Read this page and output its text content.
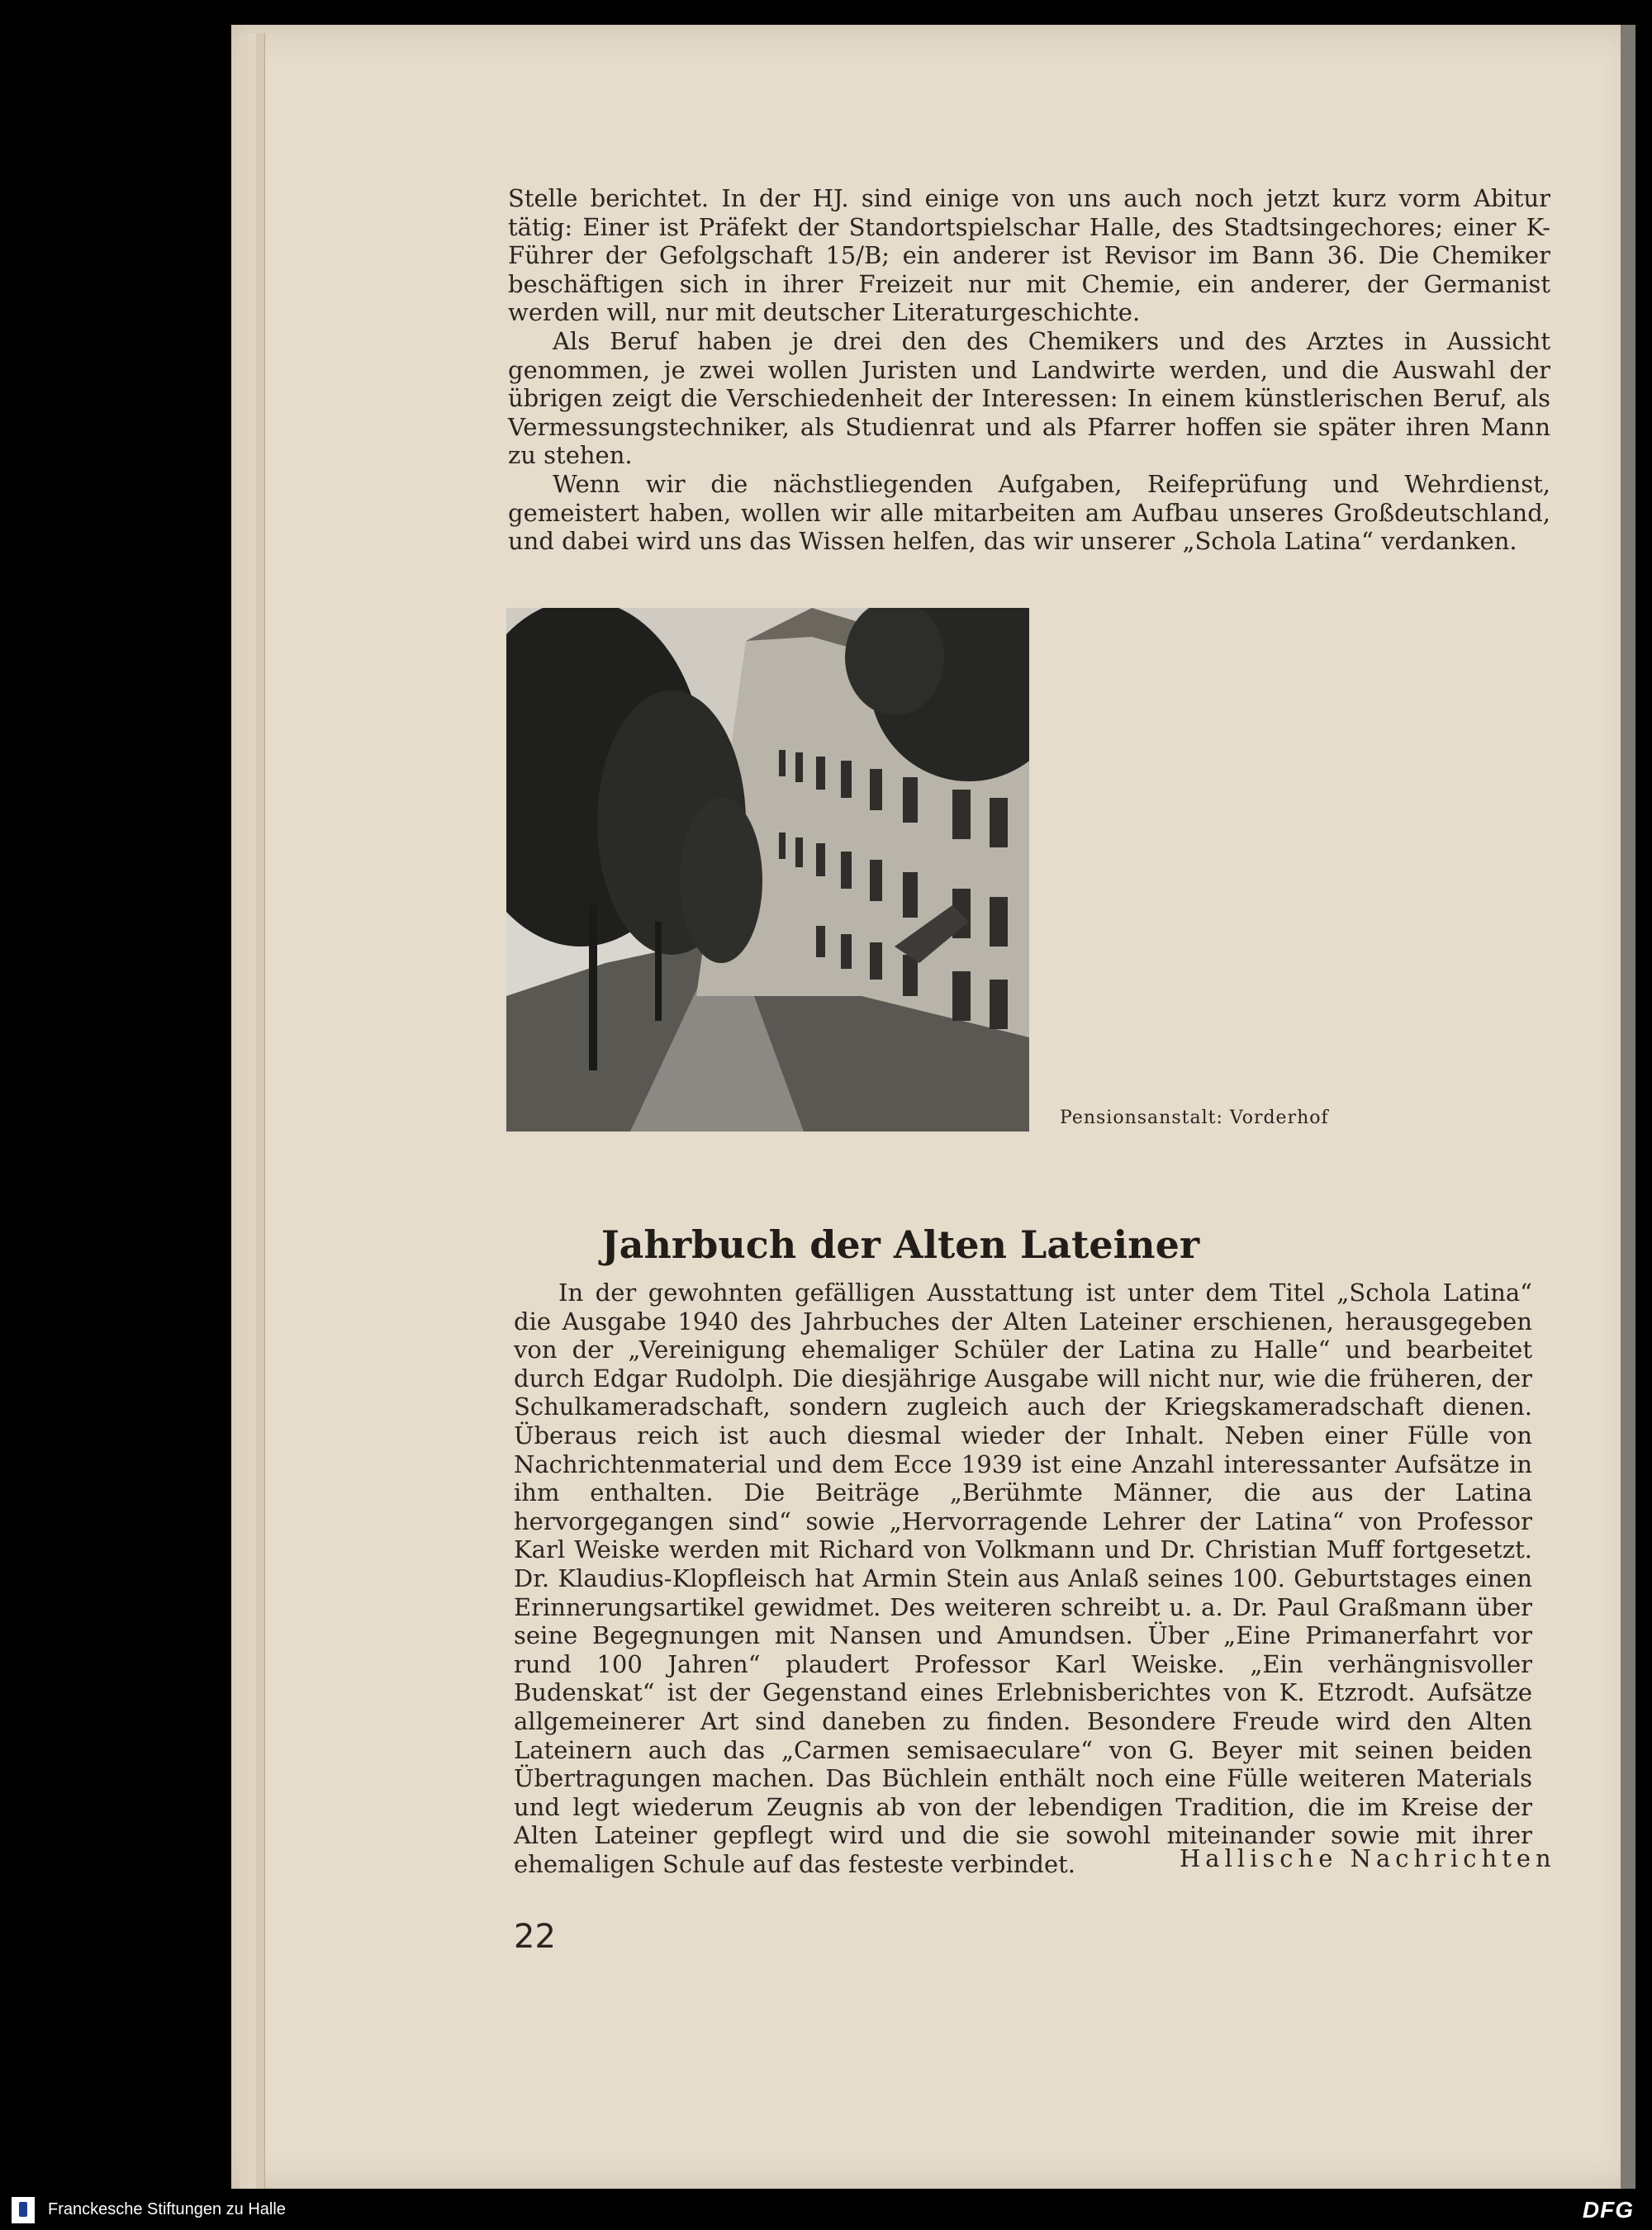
Stelle berichtet. In der HJ. sind einige von uns auch noch jetzt kurz vorm Abitur tätig: Einer ist Präfekt der Standortspielschar Halle, des Stadtsingechores; einer K-Führer der Gefolgschaft 15/B; ein anderer ist Revisor im Bann 36. Die Chemiker beschäftigen sich in ihrer Freizeit nur mit Chemie, ein anderer, der Germanist werden will, nur mit deutscher Literaturgeschichte.

Als Beruf haben je drei den des Chemikers und des Arztes in Aussicht genommen, je zwei wollen Juristen und Landwirte werden, und die Auswahl der übrigen zeigt die Verschiedenheit der Interessen: In einem künstlerischen Beruf, als Vermessungstechniker, als Studienrat und als Pfarrer hoffen sie später ihren Mann zu stehen.

Wenn wir die nächstliegenden Aufgaben, Reifeprüfung und Wehrdienst, gemeistert haben, wollen wir alle mitarbeiten am Aufbau unseres Großdeutschland, und dabei wird uns das Wissen helfen, das wir unserer „Schola Latina“ verdanken.

Pensionsanstalt: Vorderhof
Jahrbuch der Alten Lateiner

In der gewohnten gefälligen Ausstattung ist unter dem Titel „Schola Latina“ die Ausgabe 1940 des Jahrbuches der Alten Lateiner erschienen, herausgegeben von der „Vereinigung ehemaliger Schüler der Latina zu Halle“ und bearbeitet durch Edgar Rudolph. Die diesjährige Ausgabe will nicht nur, wie die früheren, der Schulkameradschaft, sondern zugleich auch der Kriegskameradschaft dienen. Überaus reich ist auch diesmal wieder der Inhalt. Neben einer Fülle von Nachrichtenmaterial und dem Ecce 1939 ist eine Anzahl interessanter Aufsätze in ihm enthalten. Die Beiträge „Berühmte Männer, die aus der Latina hervorgegangen sind“ sowie „Hervorragende Lehrer der Latina“ von Professor Karl Weiske werden mit Richard von Volkmann und Dr. Christian Muff fortgesetzt. Dr. Klaudius-Klopfleisch hat Armin Stein aus Anlaß seines 100. Geburtstages einen Erinnerungsartikel gewidmet. Des weiteren schreibt u. a. Dr. Paul Graßmann über seine Begegnungen mit Nansen und Amundsen. Über „Eine Primanerfahrt vor rund 100 Jahren“ plaudert Professor Karl Weiske. „Ein verhängnisvoller Budenskat“ ist der Gegenstand eines Erlebnisberichtes von K. Etzrodt. Aufsätze allgemeinerer Art sind daneben zu finden. Besondere Freude wird den Alten Lateinern auch das „Carmen semisaeculare“ von G. Beyer mit seinen beiden Übertragungen machen. Das Büchlein enthält noch eine Fülle weiteren Materials und legt wiederum Zeugnis ab von der lebendigen Tradition, die im Kreise der Alten Lateiner gepflegt wird und die sie sowohl miteinander sowie mit ihrer ehemaligen Schule auf das festeste verbindet.	Hallische Nachrichten
22
Franckesche Stiftungen zu Halle	DFG
